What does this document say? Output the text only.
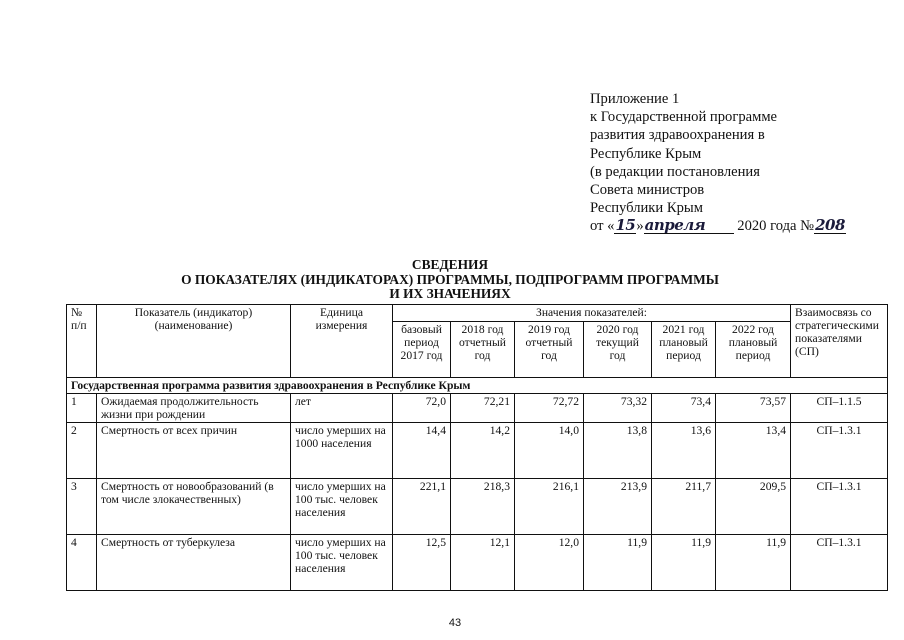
Приложение 1
к Государственной программе
развития здравоохранения в
Республике Крым
(в редакции постановления
Совета министров
Республики Крым
от «15»апреля 2020 года №208
СВЕДЕНИЯ
О ПОКАЗАТЕЛЯХ (ИНДИКАТОРАХ) ПРОГРАММЫ, ПОДПРОГРАММ ПРОГРАММЫ
И ИХ ЗНАЧЕНИЯХ
№ п/п	Показатель (индикатор) (наименование)	Единица измерения	Значения показателей:						Взаимосвязь со стратегическими показателями (СП)
			базовый период 2017 год	2018 год отчетный год	2019 год отчетный год	2020 год текущий год	2021 год плановый период	2022 год плановый период	
Государственная программа развития здравоохранения в Республике Крым									
1	Ожидаемая продолжительность жизни при рождении	лет	72,0	72,21	72,72	73,32	73,4	73,57	СП–1.1.5
2	Смертность от всех причин	число умерших на 1000 населения	14,4	14,2	14,0	13,8	13,6	13,4	СП–1.3.1
3	Смертность от новообразований (в том числе злокачественных)	число умерших на 100 тыс. человек населения	221,1	218,3	216,1	213,9	211,7	209,5	СП–1.3.1
4	Смертность от туберкулеза	число умерших на 100 тыс. человек населения	12,5	12,1	12,0	11,9	11,9	11,9	СП–1.3.1
43
